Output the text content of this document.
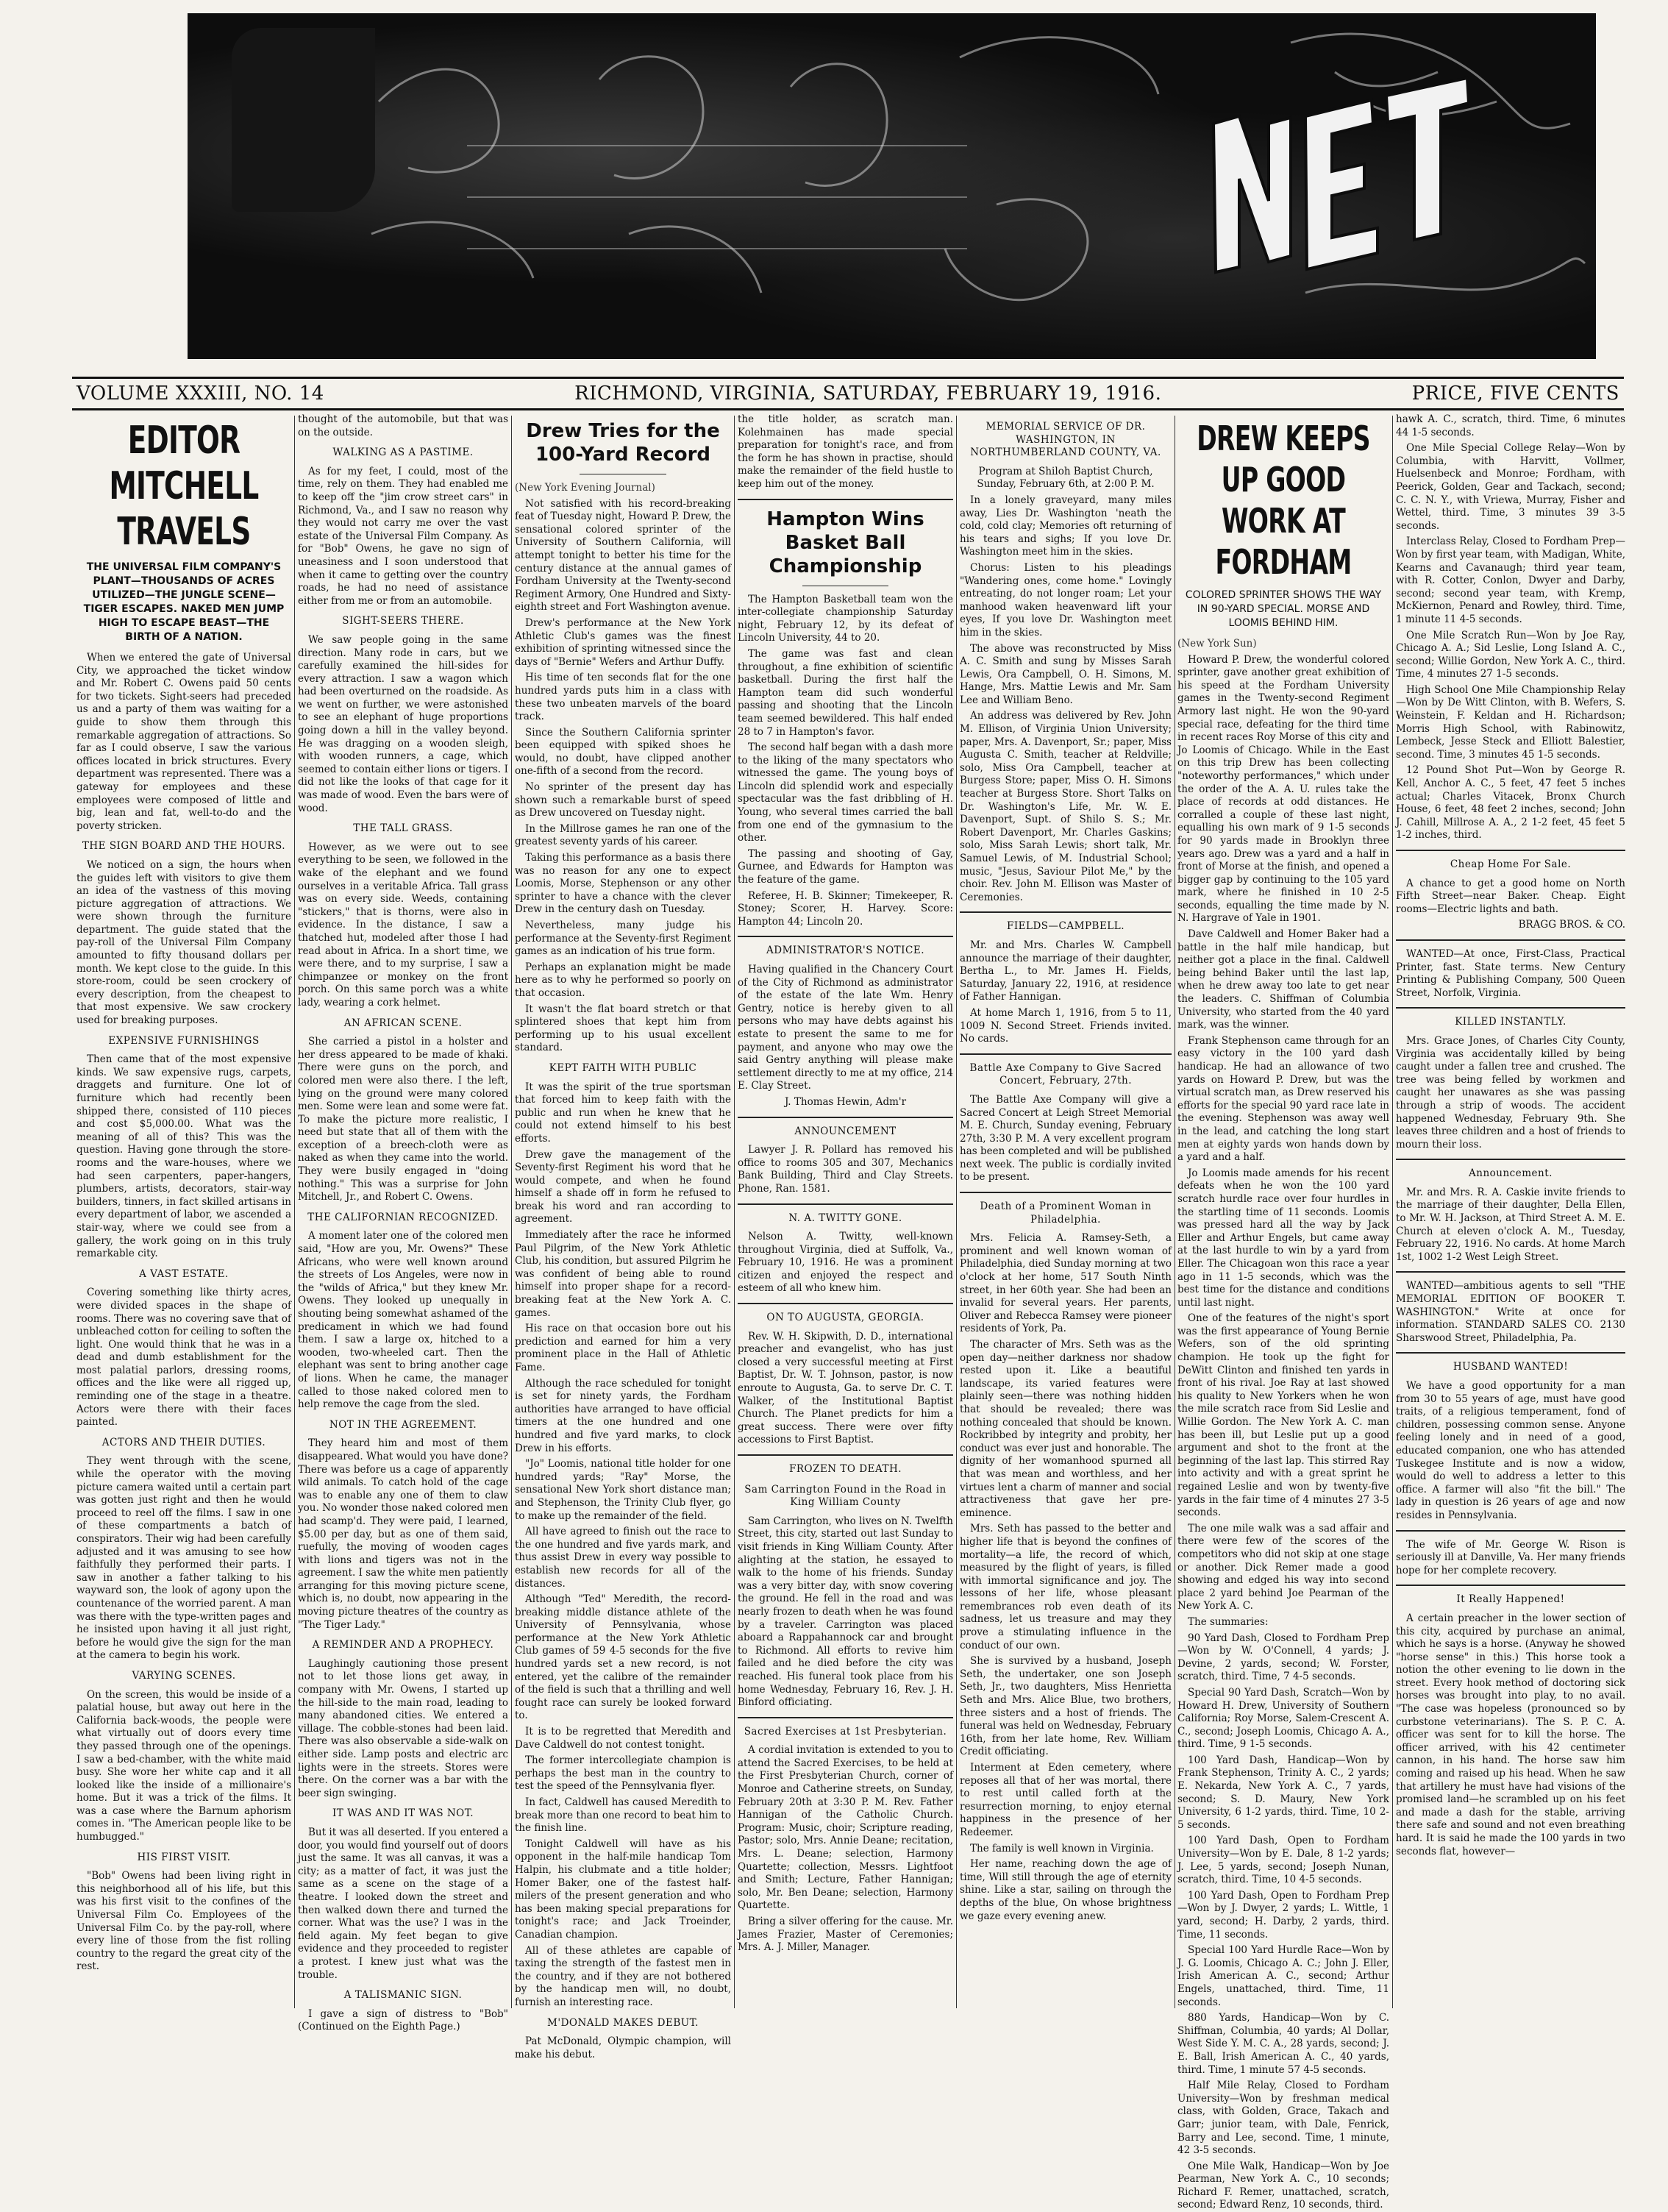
VOLUME XXXIII, NO. 14	RICHMOND, VIRGINIA, SATURDAY, FEBRUARY 19, 1916.	PRICE, FIVE CENTS
EDITOR MITCHELL TRAVELS
THE UNIVERSAL FILM COMPANY'S PLANT—THOUSANDS OF ACRES UTILIZED—THE JUNGLE SCENE—TIGER ESCAPES. NAKED MEN JUMP HIGH TO ESCAPE BEAST—THE BIRTH OF A NATION.

When we entered the gate of Universal City, we approached the ticket window and Mr. Robert C. Owens paid 50 cents for two tickets. Sight-seers had preceded us and a party of them was waiting for a guide to show them through this remarkable aggregation of attractions. So far as I could observe, I saw the various offices located in brick structures. Every department was represented. There was a gateway for employees and these employees were composed of little and big, lean and fat, well-to-do and the poverty stricken.

THE SIGN BOARD AND THE HOURS.

We noticed on a sign, the hours when the guides left with visitors to give them an idea of the vastness of this moving picture aggregation of attractions. We were shown through the furniture department. The guide stated that the pay-roll of the Universal Film Company amounted to fifty thousand dollars per month. We kept close to the guide. In this store-room, could be seen crockery of every description, from the cheapest to that most expensive. We saw crockery used for breaking purposes.

EXPENSIVE FURNISHINGS

Then came that of the most expensive kinds. We saw expensive rugs, carpets, draggets and furniture. One lot of furniture which had recently been shipped there, consisted of 110 pieces and cost $5,000.00. What was the meaning of all of this? This was the question. Having gone through the store-rooms and the ware-houses, where we had seen carpenters, paper-hangers, plumbers, artists, decorators, stair-way builders, tinners, in fact skilled artisans in every department of labor, we ascended a stair-way, where we could see from a gallery, the work going on in this truly remarkable city.

A VAST ESTATE.

Covering something like thirty acres, were divided spaces in the shape of rooms. There was no covering save that of unbleached cotton for ceiling to soften the light. One would think that he was in a dead and dumb establishment for the most palatial parlors, dressing rooms, offices and the like were all rigged up, reminding one of the stage in a theatre. Actors were there with their faces painted.

ACTORS AND THEIR DUTIES.

They went through with the scene, while the operator with the moving picture camera waited until a certain part was gotten just right and then he would proceed to reel off the films. I saw in one of these compartments a batch of conspirators. Their wig had been carefully adjusted and it was amusing to see how faithfully they performed their parts. I saw in another a father talking to his wayward son, the look of agony upon the countenance of the worried parent. A man was there with the type-written pages and he insisted upon having it all just right, before he would give the sign for the man at the camera to begin his work.

VARYING SCENES.

On the screen, this would be inside of a palatial house, but away out here in the California back-woods, the people were what virtually out of doors every time they passed through one of the openings. I saw a bed-chamber, with the white maid busy. She wore her white cap and it all looked like the inside of a millionaire's home. But it was a trick of the films. It was a case where the Barnum aphorism comes in. "The American people like to be humbugged."

HIS FIRST VISIT.

"Bob" Owens had been living right in this neighborhood all of his life, but this was his first visit to the confines of the Universal Film Co. Employees of the Universal Film Co. by the pay-roll, where every line of those from the fist rolling country to the regard the great city of the rest.

thought of the automobile, but that was on the outside.

WALKING AS A PASTIME.

As for my feet, I could, most of the time, rely on them. They had enabled me to keep off the "jim crow street cars" in Richmond, Va., and I saw no reason why they would not carry me over the vast estate of the Universal Film Company. As for "Bob" Owens, he gave no sign of uneasiness and I soon understood that when it came to getting over the country roads, he had no need of assistance either from me or from an automobile.

SIGHT-SEERS THERE.

We saw people going in the same direction. Many rode in cars, but we carefully examined the hill-sides for every attraction. I saw a wagon which had been overturned on the roadside. As we went on further, we were astonished to see an elephant of huge proportions going down a hill in the valley beyond. He was dragging on a wooden sleigh, with wooden runners, a cage, which seemed to contain either lions or tigers. I did not like the looks of that cage for it was made of wood. Even the bars were of wood.

THE TALL GRASS.

However, as we were out to see everything to be seen, we followed in the wake of the elephant and we found ourselves in a veritable Africa. Tall grass was on every side. Weeds, containing "stickers," that is thorns, were also in evidence. In the distance, I saw a thatched hut, modeled after those I had read about in Africa. In a short time, we were there, and to my surprise, I saw a chimpanzee or monkey on the front porch. On this same porch was a white lady, wearing a cork helmet.

AN AFRICAN SCENE.

She carried a pistol in a holster and her dress appeared to be made of khaki. There were guns on the porch, and colored men were also there. I the left, lying on the ground were many colored men. Some were lean and some were fat. To make the picture more realistic, I need but state that all of them with the exception of a breech-cloth were as naked as when they came into the world. They were busily engaged in "doing nothing." This was a surprise for John Mitchell, Jr., and Robert C. Owens.

THE CALIFORNIAN RECOGNIZED.

A moment later one of the colored men said, "How are you, Mr. Owens?" These Africans, who were well known around the streets of Los Angeles, were now in the "wilds of Africa," but they knew Mr. Owens. They looked up unequally in shouting being somewhat ashamed of the predicament in which we had found them. I saw a large ox, hitched to a wooden, two-wheeled cart. Then the elephant was sent to bring another cage of lions. When he came, the manager called to those naked colored men to help remove the cage from the sled.

NOT IN THE AGREEMENT.

They heard him and most of them disappeared. What would you have done? There was before us a cage of apparently wild animals. To catch hold of the cage was to enable any one of them to claw you. No wonder those naked colored men had scamp'd. They were paid, I learned, $5.00 per day, but as one of them said, ruefully, the moving of wooden cages with lions and tigers was not in the agreement. I saw the white men patiently arranging for this moving picture scene, which is, no doubt, now appearing in the moving picture theatres of the country as "The Tiger Lady."

A REMINDER AND A PROPHECY.

Laughingly cautioning those present not to let those lions get away, in company with Mr. Owens, I started up the hill-side to the main road, leading to many abandoned cities. We entered a village. The cobble-stones had been laid. There was also observable a side-walk on either side. Lamp posts and electric arc lights were in the streets. Stores were there. On the corner was a bar with the beer sign swinging.

IT WAS AND IT WAS NOT.

But it was all deserted. If you entered a door, you would find yourself out of doors just the same. It was all canvas, it was a city; as a matter of fact, it was just the same as a scene on the stage of a theatre. I looked down the street and then walked down there and turned the corner. What was the use? I was in the field again. My feet began to give evidence and they proceeded to register a protest. I knew just what was the trouble.

A TALISMANIC SIGN.

I gave a sign of distress to "Bob" (Continued on the Eighth Page.)

Drew Tries for the 100-Yard Record

(New York Evening Journal)

Not satisfied with his record-breaking feat of Tuesday night, Howard P. Drew, the sensational colored sprinter of the University of Southern California, will attempt tonight to better his time for the century distance at the annual games of Fordham University at the Twenty-second Regiment Armory, One Hundred and Sixty-eighth street and Fort Washington avenue.

Drew's performance at the New York Athletic Club's games was the finest exhibition of sprinting witnessed since the days of "Bernie" Wefers and Arthur Duffy.

His time of ten seconds flat for the one hundred yards puts him in a class with these two unbeaten marvels of the board track.

Since the Southern California sprinter been equipped with spiked shoes he would, no doubt, have clipped another one-fifth of a second from the record.

No sprinter of the present day has shown such a remarkable burst of speed as Drew uncovered on Tuesday night.

In the Millrose games he ran one of the greatest seventy yards of his career.

Taking this performance as a basis there was no reason for any one to expect Loomis, Morse, Stephenson or any other sprinter to have a chance with the clever Drew in the century dash on Tuesday.

Nevertheless, many judge his performance at the Seventy-first Regiment games as an indication of his true form.

Perhaps an explanation might be made here as to why he performed so poorly on that occasion.

It wasn't the flat board stretch or that splintered shoes that kept him from performing up to his usual excellent standard.

KEPT FAITH WITH PUBLIC

It was the spirit of the true sportsman that forced him to keep faith with the public and run when he knew that he could not extend himself to his best efforts.

Drew gave the management of the Seventy-first Regiment his word that he would compete, and when he found himself a shade off in form he refused to break his word and ran according to agreement.

Immediately after the race he informed Paul Pilgrim, of the New York Athletic Club, his condition, but assured Pilgrim he was confident of being able to round himself into proper shape for a record-breaking feat at the New York A. C. games.

His race on that occasion bore out his prediction and earned for him a very prominent place in the Hall of Athletic Fame.

Although the race scheduled for tonight is set for ninety yards, the Fordham authorities have arranged to have official timers at the one hundred and one hundred and five yard marks, to clock Drew in his efforts.

"Jo" Loomis, national title holder for one hundred yards; "Ray" Morse, the sensational New York short distance man; and Stephenson, the Trinity Club flyer, go to make up the remainder of the field.

All have agreed to finish out the race to the one hundred and five yards mark, and thus assist Drew in every way possible to establish new records for all of the distances.

Although "Ted" Meredith, the record-breaking middle distance athlete of the University of Pennsylvania, whose performance at the New York Athletic Club games of 59 4-5 seconds for the five hundred yards set a new record, is not entered, yet the calibre of the remainder of the field is such that a thrilling and well fought race can surely be looked forward to.

It is to be regretted that Meredith and Dave Caldwell do not contest tonight.

The former intercollegiate champion is perhaps the best man in the country to test the speed of the Pennsylvania flyer.

In fact, Caldwell has caused Meredith to break more than one record to beat him to the finish line.

Tonight Caldwell will have as his opponent in the half-mile handicap Tom Halpin, his clubmate and a title holder; Homer Baker, one of the fastest half-milers of the present generation and who has been making special preparations for tonight's race; and Jack Troeinder, Canadian champion.

All of these athletes are capable of taxing the strength of the fastest men in the country, and if they are not bothered by the handicap men will, no doubt, furnish an interesting race.

M'DONALD MAKES DEBUT.

Pat McDonald, Olympic champion, will make his debut.

the title holder, as scratch man. Kolehmainen has made special preparation for tonight's race, and from the form he has shown in practise, should make the remainder of the field hustle to keep him out of the money.

Hampton Wins Basket Ball Championship

The Hampton Basketball team won the inter-collegiate championship Saturday night, February 12, by its defeat of Lincoln University, 44 to 20.

The game was fast and clean throughout, a fine exhibition of scientific basketball. During the first half the Hampton team did such wonderful passing and shooting that the Lincoln team seemed bewildered. This half ended 28 to 7 in Hampton's favor.

The second half began with a dash more to the liking of the many spectators who witnessed the game. The young boys of Lincoln did splendid work and especially spectacular was the fast dribbling of H. Young, who several times carried the ball from one end of the gymnasium to the other.

The passing and shooting of Gay, Gurnee, and Edwards for Hampton was the feature of the game.

Referee, H. B. Skinner; Timekeeper, R. Stoney; Scorer, H. Harvey. Score: Hampton 44; Lincoln 20.

ADMINISTRATOR'S NOTICE.

Having qualified in the Chancery Court of the City of Richmond as administrator of the estate of the late Wm. Henry Gentry, notice is hereby given to all persons who may have debts against his estate to present the same to me for payment, and anyone who may owe the said Gentry anything will please make settlement directly to me at my office, 214 E. Clay Street.

J. Thomas Hewin, Adm'r

ANNOUNCEMENT

Lawyer J. R. Pollard has removed his office to rooms 305 and 307, Mechanics Bank Building, Third and Clay Streets. Phone, Ran. 1581.

N. A. TWITTY GONE.

Nelson A. Twitty, well-known throughout Virginia, died at Suffolk, Va., February 10, 1916. He was a prominent citizen and enjoyed the respect and esteem of all who knew him.

ON TO AUGUSTA, GEORGIA.

Rev. W. H. Skipwith, D. D., international preacher and evangelist, who has just closed a very successful meeting at First Baptist, Dr. W. T. Johnson, pastor, is now enroute to Augusta, Ga. to serve Dr. C. T. Walker, of the Institutional Baptist Church. The Planet predicts for him a great success. There were over fifty accessions to First Baptist.

FROZEN TO DEATH.
Sam Carrington Found in the Road in King William County

Sam Carrington, who lives on N. Twelfth Street, this city, started out last Sunday to visit friends in King William County. After alighting at the station, he essayed to walk to the home of his friends. Sunday was a very bitter day, with snow covering the ground. He fell in the road and was nearly frozen to death when he was found by a traveler. Carrington was placed aboard a Rappahannock car and brought to Richmond. All efforts to revive him failed and he died before the city was reached. His funeral took place from his home Wednesday, February 16, Rev. J. H. Binford officiating.

Sacred Exercises at 1st Presbyterian.

A cordial invitation is extended to you to attend the Sacred Exercises, to be held at the First Presbyterian Church, corner of Monroe and Catherine streets, on Sunday, February 20th at 3:30 P. M. Rev. Father Hannigan of the Catholic Church. Program: Music, choir; Scripture reading, Pastor; solo, Mrs. Annie Deane; recitation, Mrs. L. Deane; selection, Harmony Quartette; collection, Messrs. Lightfoot and Smith; Lecture, Father Hannigan; solo, Mr. Ben Deane; selection, Harmony Quartette.

Bring a silver offering for the cause. Mr. James Frazier, Master of Ceremonies; Mrs. A. J. Miller, Manager.

MEMORIAL SERVICE OF DR. WASHINGTON, IN NORTHUMBERLAND COUNTY, VA.

Program at Shiloh Baptist Church, Sunday, February 6th, at 2:00 P. M.

In a lonely graveyard, many miles away, Lies Dr. Washington 'neath the cold, cold clay; Memories oft returning of his tears and sighs; If you love Dr. Washington meet him in the skies.

Chorus: Listen to his pleadings "Wandering ones, come home." Lovingly entreating, do not longer roam; Let your manhood waken heavenward lift your eyes, If you love Dr. Washington meet him in the skies.

The above was reconstructed by Miss A. C. Smith and sung by Misses Sarah Lewis, Ora Campbell, O. H. Simons, M. Hange, Mrs. Mattie Lewis and Mr. Sam Lee and William Beno.

An address was delivered by Rev. John M. Ellison, of Virginia Union University; paper, Mrs. A. Davenport, Sr.; paper, Miss Augusta C. Smith, teacher at Reldville; solo, Miss Ora Campbell, teacher at Burgess Store; paper, Miss O. H. Simons teacher at Burgess Store. Short Talks on Dr. Washington's Life, Mr. W. E. Davenport, Supt. of Shilo S. S.; Mr. Robert Davenport, Mr. Charles Gaskins; solo, Miss Sarah Lewis; short talk, Mr. Samuel Lewis, of M. Industrial School; music, "Jesus, Saviour Pilot Me," by the choir. Rev. John M. Ellison was Master of Ceremonies.

FIELDS—CAMPBELL.

Mr. and Mrs. Charles W. Campbell announce the marriage of their daughter, Bertha L., to Mr. James H. Fields, Saturday, January 22, 1916, at residence of Father Hannigan.

At home March 1, 1916, from 5 to 11, 1009 N. Second Street. Friends invited. No cards.

Battle Axe Company to Give Sacred Concert, February, 27th.

The Battle Axe Company will give a Sacred Concert at Leigh Street Memorial M. E. Church, Sunday evening, February 27th, 3:30 P. M. A very excellent program has been completed and will be published next week. The public is cordially invited to be present.

Death of a Prominent Woman in Philadelphia.

Mrs. Felicia A. Ramsey-Seth, a prominent and well known woman of Philadelphia, died Sunday morning at two o'clock at her home, 517 South Ninth street, in her 60th year. She had been an invalid for several years. Her parents, Oliver and Rebecca Ramsey were pioneer residents of York, Pa.

The character of Mrs. Seth was as the open day—neither darkness nor shadow rested upon it. Like a beautiful landscape, its varied features were plainly seen—there was nothing hidden that should be revealed; there was nothing concealed that should be known. Rockribbed by integrity and probity, her conduct was ever just and honorable. The dignity of her womanhood spurned all that was mean and worthless, and her virtues lent a charm of manner and social attractiveness that gave her pre-eminence.

Mrs. Seth has passed to the better and higher life that is beyond the confines of mortality—a life, the record of which, measured by the flight of years, is filled with immortal significance and joy. The lessons of her life, whose pleasant remembrances rob even death of its sadness, let us treasure and may they prove a stimulating influence in the conduct of our own.

She is survived by a husband, Joseph Seth, the undertaker, one son Joseph Seth, Jr., two daughters, Miss Henrietta Seth and Mrs. Alice Blue, two brothers, three sisters and a host of friends. The funeral was held on Wednesday, February 16th, from her late home, Rev. William Credit officiating.

Interment at Eden cemetery, where reposes all that of her was mortal, there to rest until called forth at the resurrection morning, to enjoy eternal happiness in the presence of her Redeemer.

The family is well known in Virginia.

Her name, reaching down the age of time, Will still through the age of eternity shine. Like a star, sailing on through the depths of the blue, On whose brightness we gaze every evening anew.

DREW KEEPS UP GOOD WORK AT FORDHAM
COLORED SPRINTER SHOWS THE WAY IN 90-YARD SPECIAL. MORSE AND LOOMIS BEHIND HIM.

(New York Sun)

Howard P. Drew, the wonderful colored sprinter, gave another great exhibition of his speed at the Fordham University games in the Twenty-second Regiment Armory last night. He won the 90-yard special race, defeating for the third time in recent races Roy Morse of this city and Jo Loomis of Chicago. While in the East on this trip Drew has been collecting "noteworthy performances," which under the order of the A. A. U. rules take the place of records at odd distances. He corralled a couple of these last night, equalling his own mark of 9 1-5 seconds for 90 yards made in Brooklyn three years ago. Drew was a yard and a half in front of Morse at the finish, and opened a bigger gap by continuing to the 105 yard mark, where he finished in 10 2-5 seconds, equalling the time made by N. N. Hargrave of Yale in 1901.

Dave Caldwell and Homer Baker had a battle in the half mile handicap, but neither got a place in the final. Caldwell being behind Baker until the last lap, when he drew away too late to get near the leaders. C. Shiffman of Columbia University, who started from the 40 yard mark, was the winner.

Frank Stephenson came through for an easy victory in the 100 yard dash handicap. He had an allowance of two yards on Howard P. Drew, but was the virtual scratch man, as Drew reserved his efforts for the special 90 yard race late in the evening. Stephenson was away well in the lead, and catching the long start men at eighty yards won hands down by a yard and a half.

Jo Loomis made amends for his recent defeats when he won the 100 yard scratch hurdle race over four hurdles in the startling time of 11 seconds. Loomis was pressed hard all the way by Jack Eller and Arthur Engels, but came away at the last hurdle to win by a yard from Eller. The Chicagoan won this race a year ago in 11 1-5 seconds, which was the best time for the distance and conditions until last night.

One of the features of the night's sport was the first appearance of Young Bernie Wefers, son of the old sprinting champion. He took up the fight for DeWitt Clinton and finished ten yards in front of his rival. Joe Ray at last showed his quality to New Yorkers when he won the mile scratch race from Sid Leslie and Willie Gordon. The New York A. C. man has been ill, but Leslie put up a good argument and shot to the front at the beginning of the last lap. This stirred Ray into activity and with a great sprint he regained Leslie and won by twenty-five yards in the fair time of 4 minutes 27 3-5 seconds.

The one mile walk was a sad affair and there were few of the scores of the competitors who did not skip at one stage or another. Dick Remer made a good showing and edged his way into second place 2 yard behind Joe Pearman of the New York A. C.

The summaries:

90 Yard Dash, Closed to Fordham Prep—Won by W. O'Connell, 4 yards; J. Devine, 2 yards, second; W. Forster, scratch, third. Time, 7 4-5 seconds.

Special 90 Yard Dash, Scratch—Won by Howard H. Drew, University of Southern California; Roy Morse, Salem-Crescent A. C., second; Joseph Loomis, Chicago A. A., third. Time, 9 1-5 seconds.

100 Yard Dash, Handicap—Won by Frank Stephenson, Trinity A. C., 2 yards; E. Nekarda, New York A. C., 7 yards, second; S. D. Maury, New York University, 6 1-2 yards, third. Time, 10 2-5 seconds.

100 Yard Dash, Open to Fordham University—Won by E. Dale, 8 1-2 yards; J. Lee, 5 yards, second; Joseph Nunan, scratch, third. Time, 10 4-5 seconds.

100 Yard Dash, Open to Fordham Prep—Won by J. Dwyer, 2 yards; L. Wittle, 1 yard, second; H. Darby, 2 yards, third. Time, 11 seconds.

Special 100 Yard Hurdle Race—Won by J. G. Loomis, Chicago A. C.; John J. Eller, Irish American A. C., second; Arthur Engels, unattached, third. Time, 11 seconds.

880 Yards, Handicap—Won by C. Shiffman, Columbia, 40 yards; Al Dollar, West Side Y. M. C. A., 28 yards, second; J. E. Ball, Irish American A. C., 40 yards, third. Time, 1 minute 57 4-5 seconds.

Half Mile Relay, Closed to Fordham University—Won by freshman medical class, with Golden, Grace, Takach and Garr; junior team, with Dale, Fenrick, Barry and Lee, second. Time, 1 minute, 42 3-5 seconds.

One Mile Walk, Handicap—Won by Joe Pearman, New York A. C., 10 seconds; Richard F. Remer, unattached, scratch, second; Edward Renz, 10 seconds, third.

hawk A. C., scratch, third. Time, 6 minutes 44 1-5 seconds.

One Mile Special College Relay—Won by Columbia, with Harvitt, Vollmer, Huelsenbeck and Monroe; Fordham, with Peerick, Golden, Gear and Tackach, second; C. C. N. Y., with Vriewa, Murray, Fisher and Wettel, third. Time, 3 minutes 39 3-5 seconds.

Interclass Relay, Closed to Fordham Prep—Won by first year team, with Madigan, White, Kearns and Cavanaugh; third year team, with R. Cotter, Conlon, Dwyer and Darby, second; second year team, with Kremp, McKiernon, Penard and Rowley, third. Time, 1 minute 11 4-5 seconds.

One Mile Scratch Run—Won by Joe Ray, Chicago A. A.; Sid Leslie, Long Island A. C., second; Willie Gordon, New York A. C., third. Time, 4 minutes 27 1-5 seconds.

High School One Mile Championship Relay—Won by De Witt Clinton, with B. Wefers, S. Weinstein, F. Keldan and H. Richardson; Morris High School, with Rabinowitz, Lembeck, Jesse Steck and Elliott Balestier, second. Time, 3 minutes 45 1-5 seconds.

12 Pound Shot Put—Won by George R. Kell, Anchor A. C., 5 feet, 47 feet 5 inches actual; Charles Vitacek, Bronx Church House, 6 feet, 48 feet 2 inches, second; John J. Cahill, Millrose A. A., 2 1-2 feet, 45 feet 5 1-2 inches, third.

Cheap Home For Sale.

A chance to get a good home on North Fifth Street—near Baker. Cheap. Eight rooms—Electric lights and bath.

BRAGG BROS. & CO.

WANTED—At once, First-Class, Practical Printer, fast. State terms. New Century Printing & Publishing Company, 500 Queen Street, Norfolk, Virginia.

KILLED INSTANTLY.

Mrs. Grace Jones, of Charles City County, Virginia was accidentally killed by being caught under a fallen tree and crushed. The tree was being felled by workmen and caught her unawares as she was passing through a strip of woods. The accident happened Wednesday, February 9th. She leaves three children and a host of friends to mourn their loss.

Announcement.

Mr. and Mrs. R. A. Caskie invite friends to the marriage of their daughter, Della Ellen, to Mr. W. H. Jackson, at Third Street A. M. E. Church at eleven o'clock A. M., Tuesday, February 22, 1916. No cards. At home March 1st, 1002 1-2 West Leigh Street.

WANTED—ambitious agents to sell "THE MEMORIAL EDITION OF BOOKER T. WASHINGTON." Write at once for information. STANDARD SALES CO. 2130 Sharswood Street, Philadelphia, Pa.

HUSBAND WANTED!

We have a good opportunity for a man from 30 to 55 years of age, must have good traits, of a religious temperament, fond of children, possessing common sense. Anyone feeling lonely and in need of a good, educated companion, one who has attended Tuskegee Institute and is now a widow, would do well to address a letter to this office. A farmer will also "fit the bill." The lady in question is 26 years of age and now resides in Pennsylvania.

The wife of Mr. George W. Rison is seriously ill at Danville, Va. Her many friends hope for her complete recovery.

It Really Happened!

A certain preacher in the lower section of this city, acquired by purchase an animal, which he says is a horse. (Anyway he showed "horse sense" in this.) This horse took a notion the other evening to lie down in the street. Every hook method of doctoring sick horses was brought into play, to no avail. "The case was hopeless (pronounced so by curbstone veterinarians). The S. P. C. A. officer was sent for to kill the horse. The officer arrived, with his 42 centimeter cannon, in his hand. The horse saw him coming and raised up his head. When he saw that artillery he must have had visions of the promised land—he scrambled up on his feet and made a dash for the stable, arriving there safe and sound and not even breathing hard. It is said he made the 100 yards in two seconds flat, however—
